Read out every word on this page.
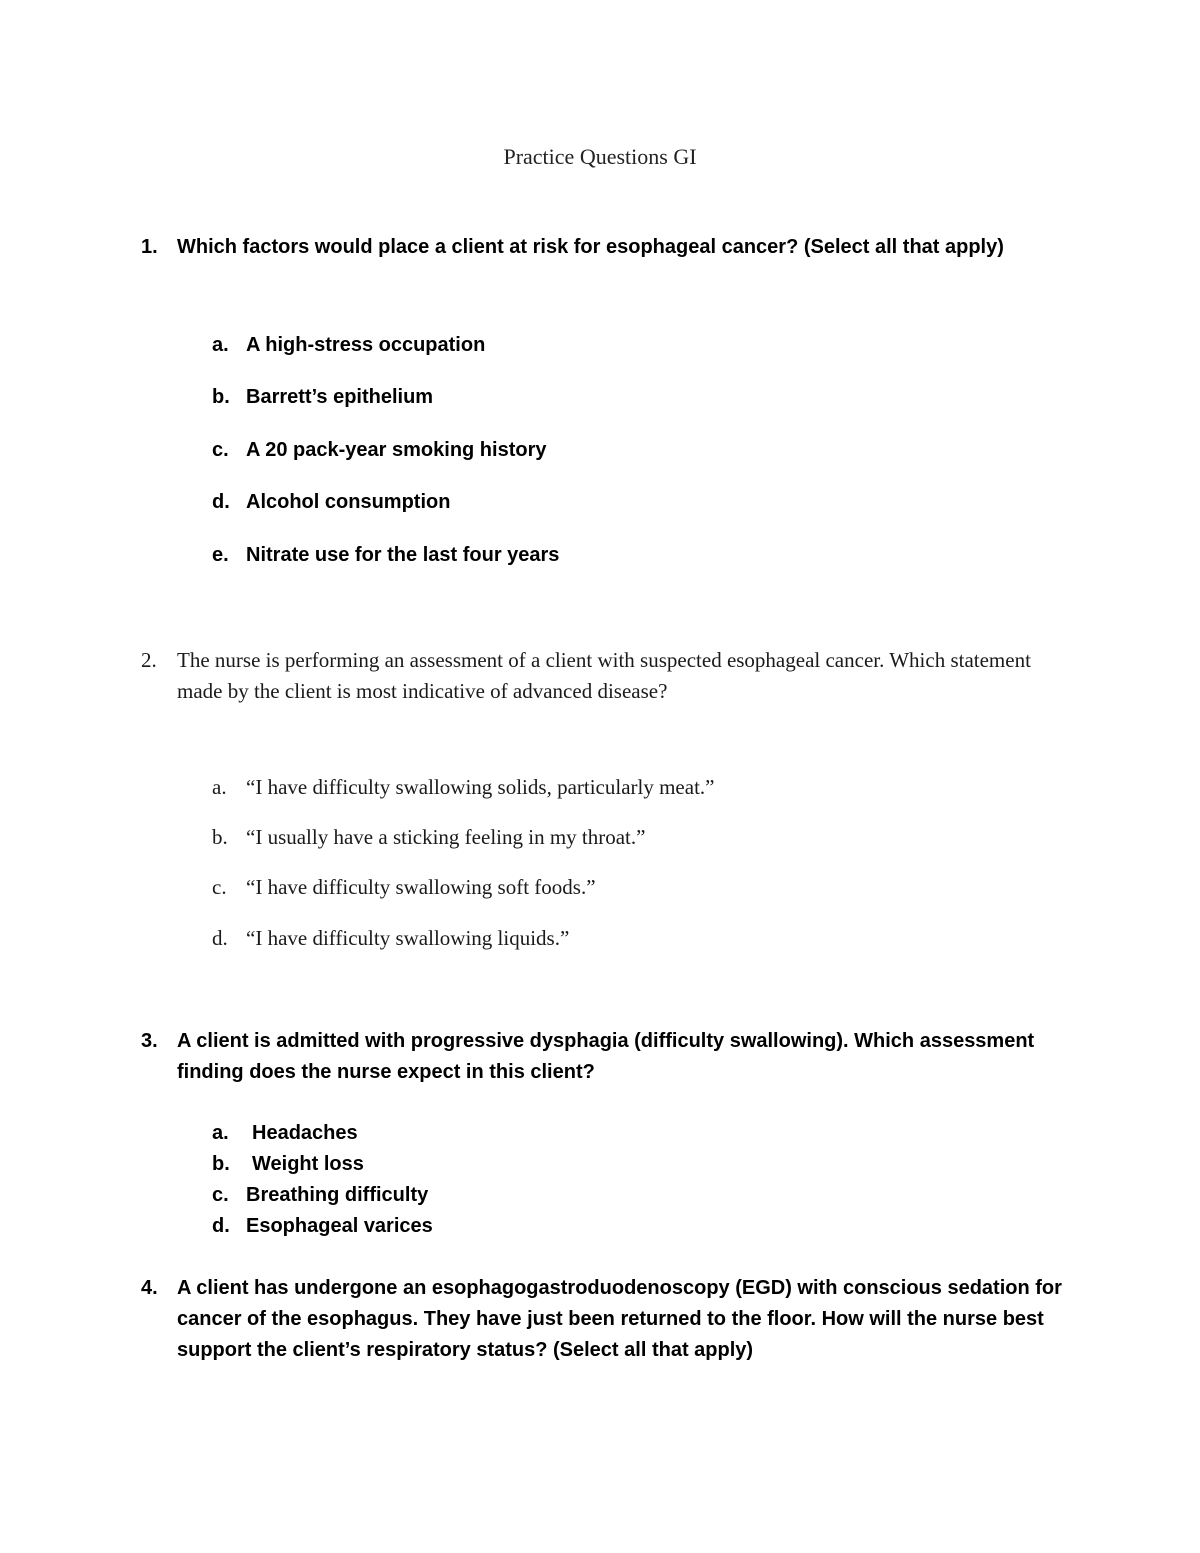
Practice Questions GI
1. Which factors would place a client at risk for esophageal cancer? (Select all that apply)
a. A high-stress occupation
b. Barrett’s epithelium
c. A 20 pack-year smoking history
d. Alcohol consumption
e. Nitrate use for the last four years
2. The nurse is performing an assessment of a client with suspected esophageal cancer. Which statement made by the client is most indicative of advanced disease?
a. “I have difficulty swallowing solids, particularly meat.”
b. “I usually have a sticking feeling in my throat.”
c. “I have difficulty swallowing soft foods.”
d. “I have difficulty swallowing liquids.”
3. A client is admitted with progressive dysphagia (difficulty swallowing). Which assessment finding does the nurse expect in this client?
a. Headaches
b. Weight loss
c. Breathing difficulty
d. Esophageal varices
4. A client has undergone an esophagogastroduodenoscopy (EGD) with conscious sedation for cancer of the esophagus. They have just been returned to the floor. How will the nurse best support the client’s respiratory status? (Select all that apply)
